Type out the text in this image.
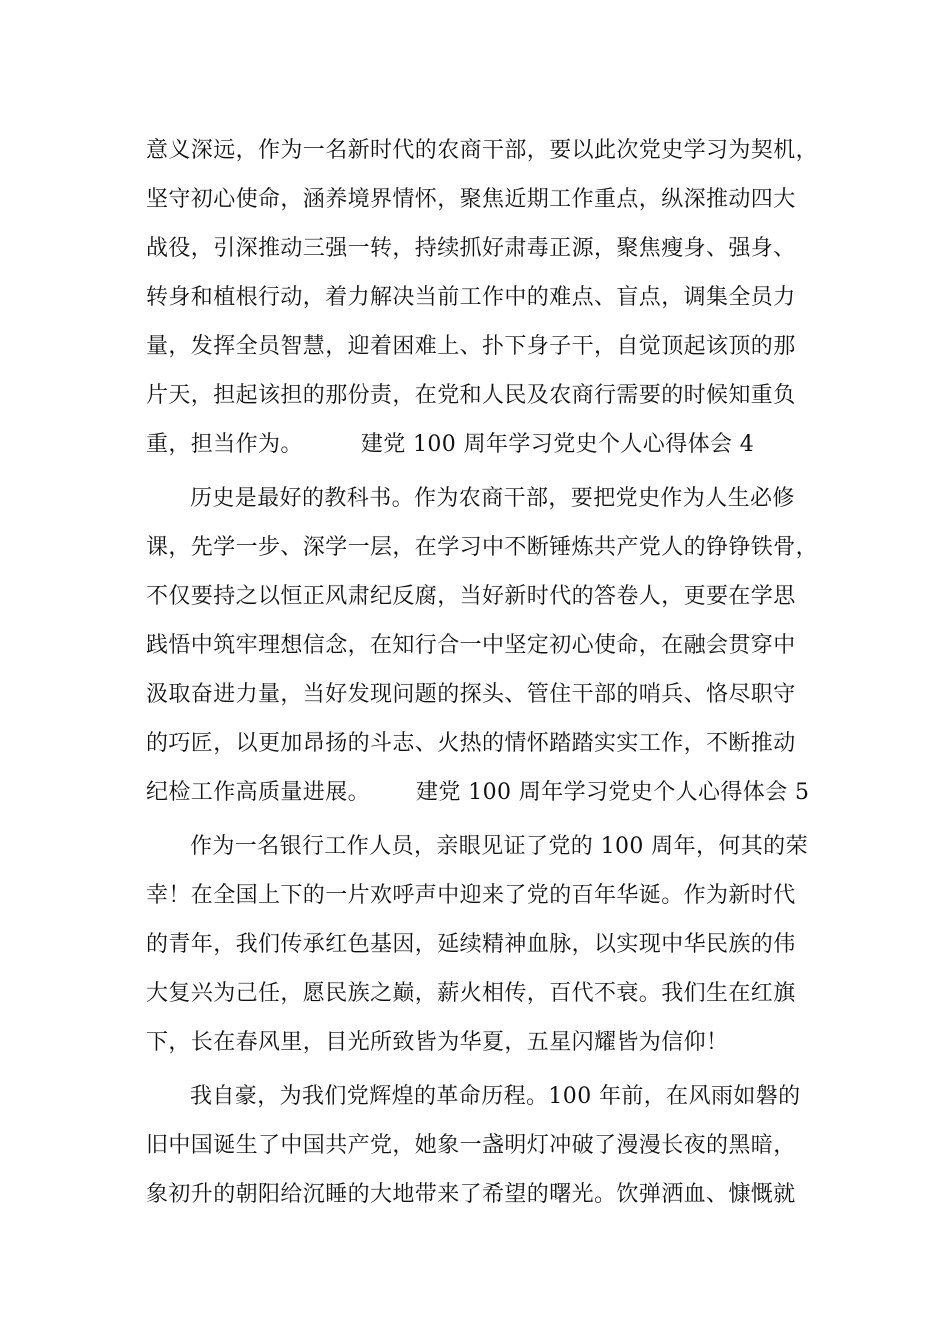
意义深远，作为一名新时代的农商干部，要以此次党史学习为契机，
坚守初心使命，涵养境界情怀，聚焦近期工作重点，纵深推动四大
战役，引深推动三强一转，持续抓好肃毒正源，聚焦瘦身、强身、
转身和植根行动，着力解决当前工作中的难点、盲点，调集全员力
量，发挥全员智慧，迎着困难上、扑下身子干，自觉顶起该顶的那
片天，担起该担的那份责，在党和人民及农商行需要的时候知重负
重，担当作为。	建党 100 周年学习党史个人心得体会 4
历史是最好的教科书。作为农商干部，要把党史作为人生必修
课，先学一步、深学一层，在学习中不断锤炼共产党人的铮铮铁骨，
不仅要持之以恒正风肃纪反腐，当好新时代的答卷人，更要在学思
践悟中筑牢理想信念，在知行合一中坚定初心使命，在融会贯穿中
汲取奋进力量，当好发现问题的探头、管住干部的哨兵、恪尽职守
的巧匠，以更加昂扬的斗志、火热的情怀踏踏实实工作，不断推动
纪检工作高质量进展。 建党 100 周年学习党史个人心得体会 5
作为一名银行工作人员，亲眼见证了党的 100 周年，何其的荣
幸！在全国上下的一片欢呼声中迎来了党的百年华诞。作为新时代
的青年，我们传承红色基因，延续精神血脉，以实现中华民族的伟
大复兴为己任，愿民族之巅，薪火相传，百代不衰。我们生在红旗
下，长在春风里，目光所致皆为华夏，五星闪耀皆为信仰！
我自豪，为我们党辉煌的革命历程。100 年前，在风雨如磐的
旧中国诞生了中国共产党，她象一盏明灯冲破了漫漫长夜的黑暗，
象初升的朝阳给沉睡的大地带来了希望的曙光。饮弹洒血、慷慨就
